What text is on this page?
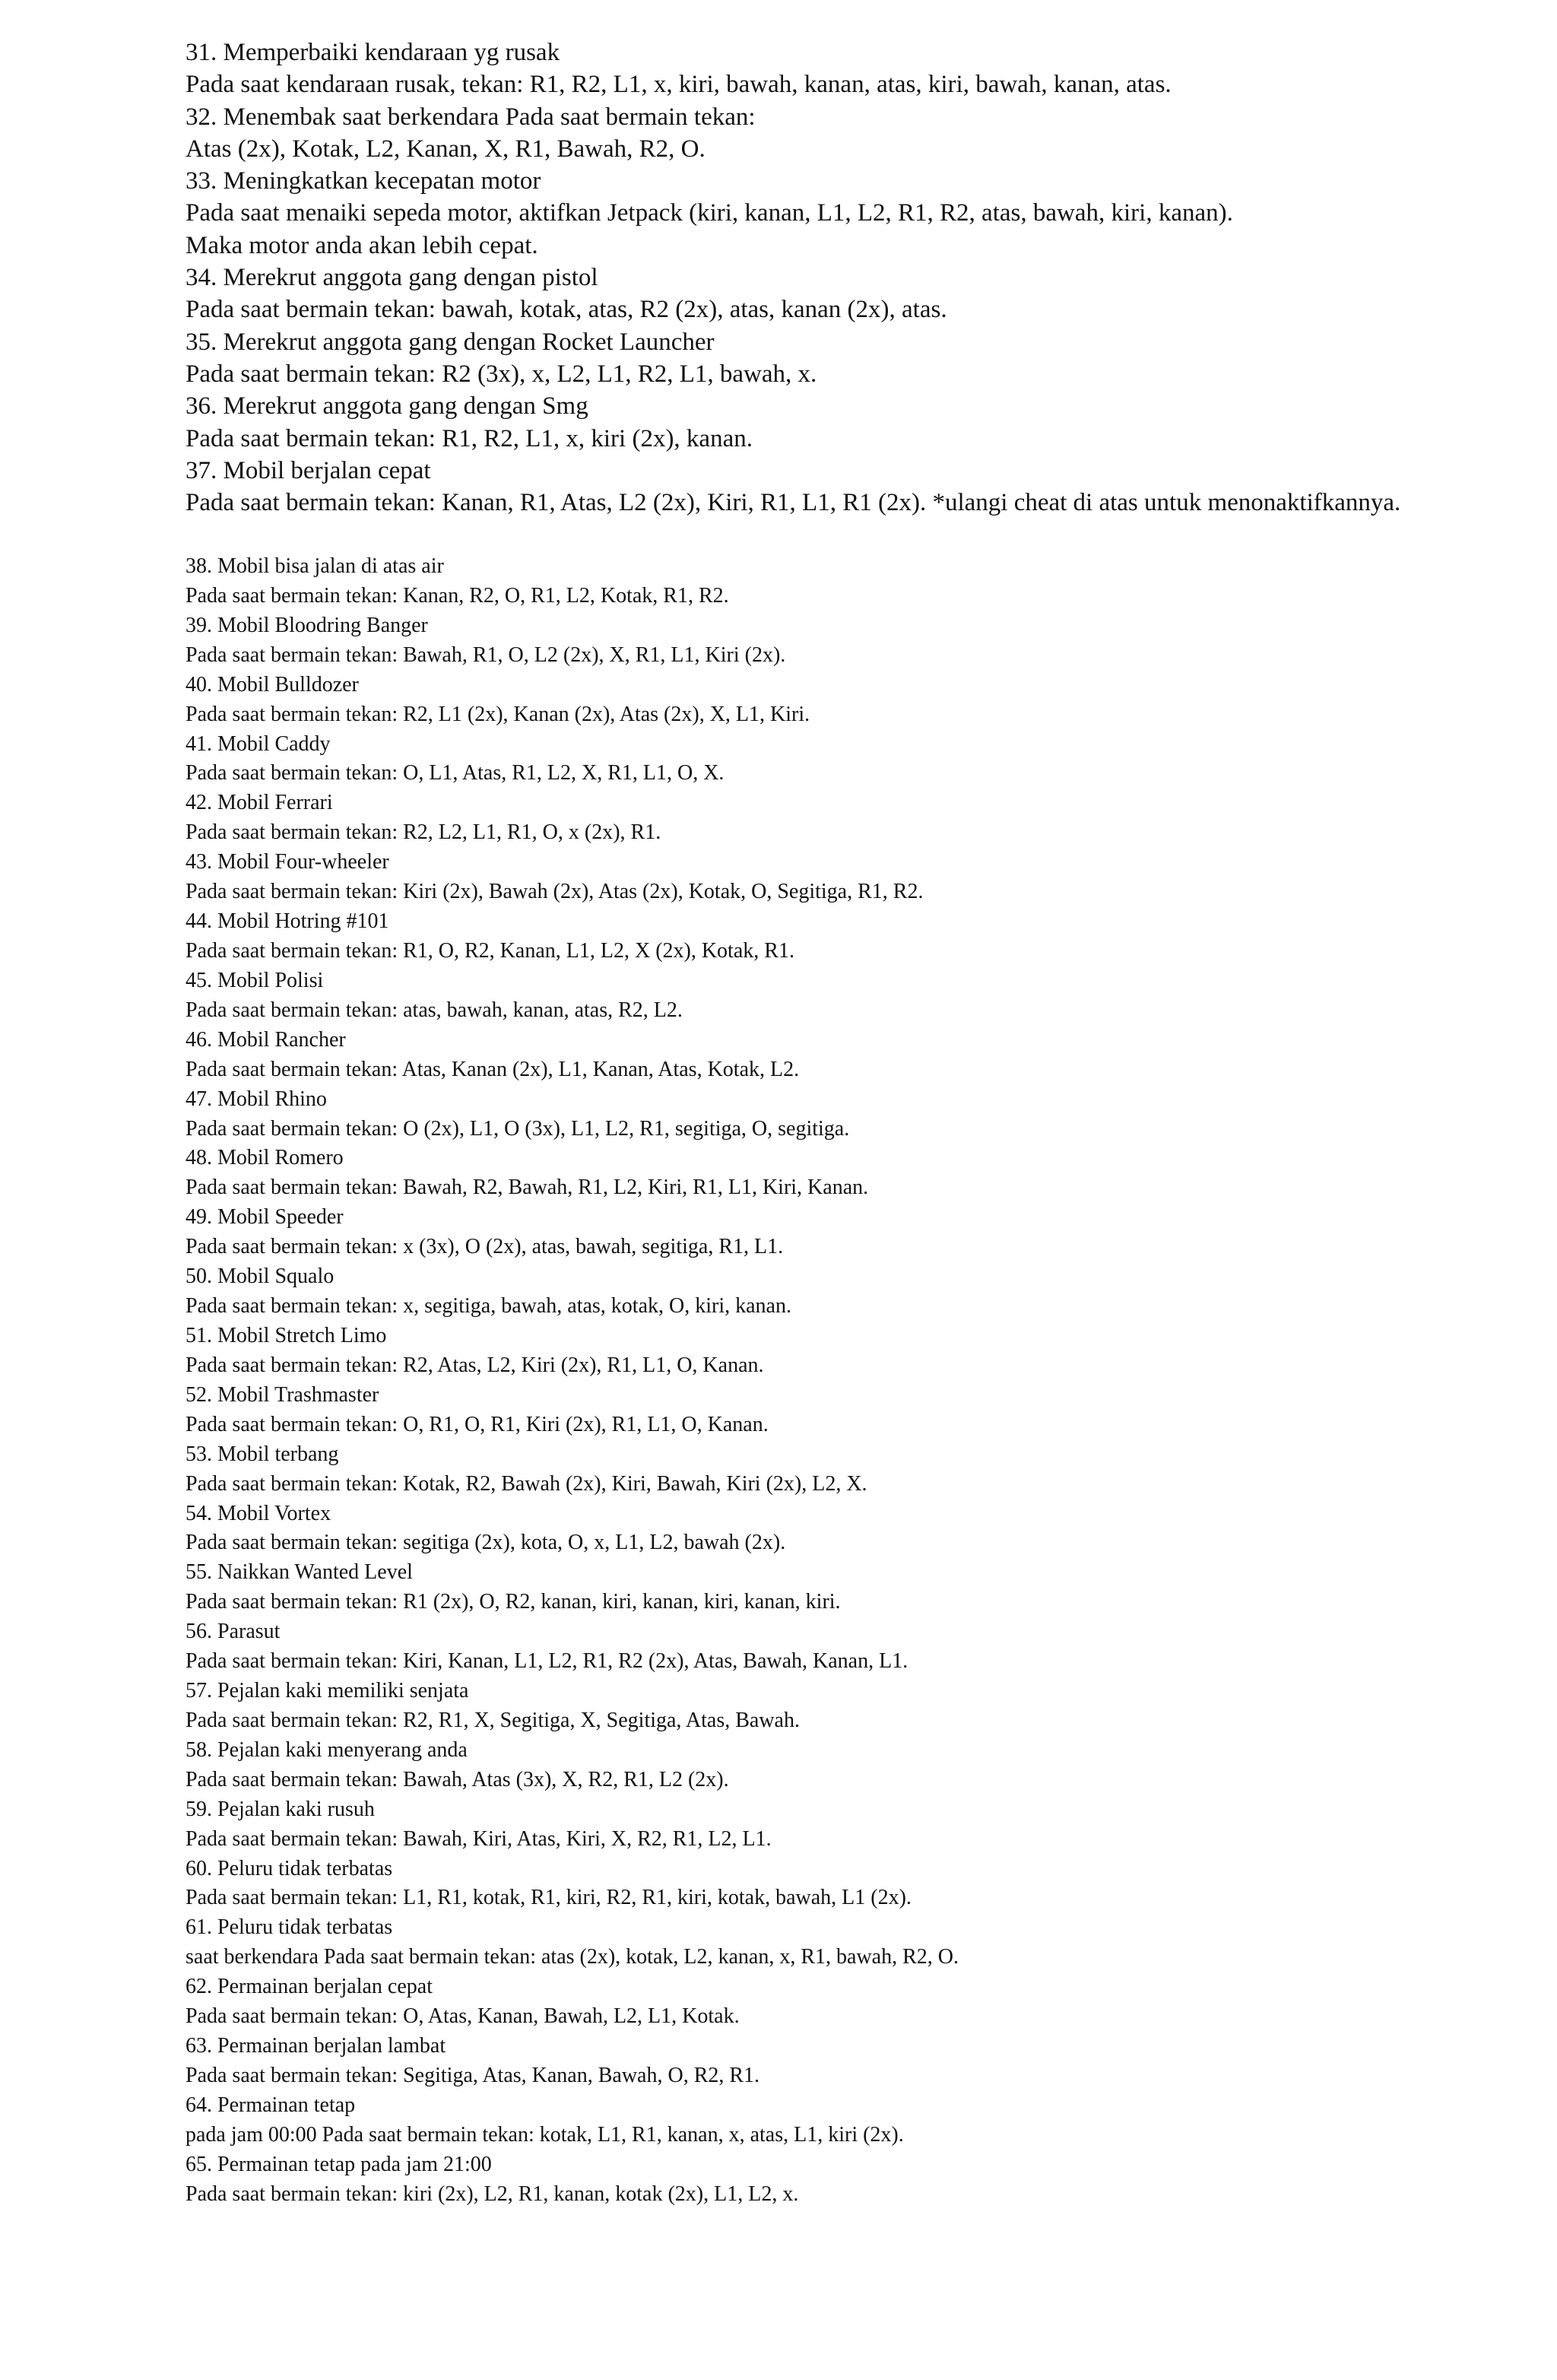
31. Memperbaiki kendaraan yg rusak
Pada saat kendaraan rusak, tekan: R1, R2, L1, x, kiri, bawah, kanan, atas, kiri, bawah, kanan, atas.
32. Menembak saat berkendara Pada saat bermain tekan:
Atas (2x), Kotak, L2, Kanan, X, R1, Bawah, R2, O.
33. Meningkatkan kecepatan motor
Pada saat menaiki sepeda motor, aktifkan Jetpack (kiri, kanan, L1, L2, R1, R2, atas, bawah, kiri, kanan).
Maka motor anda akan lebih cepat.
34. Merekrut anggota gang dengan pistol
Pada saat bermain tekan: bawah, kotak, atas, R2 (2x), atas, kanan (2x), atas.
35. Merekrut anggota gang dengan Rocket Launcher
Pada saat bermain tekan: R2 (3x), x, L2, L1, R2, L1, bawah, x.
36. Merekrut anggota gang dengan Smg
Pada saat bermain tekan: R1, R2, L1, x, kiri (2x), kanan.
37. Mobil berjalan cepat
Pada saat bermain tekan: Kanan, R1, Atas, L2 (2x), Kiri, R1, L1, R1 (2x). *ulangi cheat di atas untuk menonaktifkannya.
38. Mobil bisa jalan di atas air
Pada saat bermain tekan: Kanan, R2, O, R1, L2, Kotak, R1, R2.
39. Mobil Bloodring Banger
Pada saat bermain tekan: Bawah, R1, O, L2 (2x), X, R1, L1, Kiri (2x).
40. Mobil Bulldozer
Pada saat bermain tekan: R2, L1 (2x), Kanan (2x), Atas (2x), X, L1, Kiri.
41. Mobil Caddy
Pada saat bermain tekan: O, L1, Atas, R1, L2, X, R1, L1, O, X.
42. Mobil Ferrari
Pada saat bermain tekan: R2, L2, L1, R1, O, x (2x), R1.
43. Mobil Four-wheeler
Pada saat bermain tekan: Kiri (2x), Bawah (2x), Atas (2x), Kotak, O, Segitiga, R1, R2.
44. Mobil Hotring #101
Pada saat bermain tekan: R1, O, R2, Kanan, L1, L2, X (2x), Kotak, R1.
45. Mobil Polisi
Pada saat bermain tekan: atas, bawah, kanan, atas, R2, L2.
46. Mobil Rancher
Pada saat bermain tekan: Atas, Kanan (2x), L1, Kanan, Atas, Kotak, L2.
47. Mobil Rhino
Pada saat bermain tekan: O (2x), L1, O (3x), L1, L2, R1, segitiga, O, segitiga.
48. Mobil Romero
Pada saat bermain tekan: Bawah, R2, Bawah, R1, L2, Kiri, R1, L1, Kiri, Kanan.
49. Mobil Speeder
Pada saat bermain tekan: x (3x), O (2x), atas, bawah, segitiga, R1, L1.
50. Mobil Squalo
Pada saat bermain tekan: x, segitiga, bawah, atas, kotak, O, kiri, kanan.
51. Mobil Stretch Limo
Pada saat bermain tekan: R2, Atas, L2, Kiri (2x), R1, L1, O, Kanan.
52. Mobil Trashmaster
Pada saat bermain tekan: O, R1, O, R1, Kiri (2x), R1, L1, O, Kanan.
53. Mobil terbang
Pada saat bermain tekan: Kotak, R2, Bawah (2x), Kiri, Bawah, Kiri (2x), L2, X.
54. Mobil Vortex
Pada saat bermain tekan: segitiga (2x), kota, O, x, L1, L2, bawah (2x).
55. Naikkan Wanted Level
Pada saat bermain tekan: R1 (2x), O, R2, kanan, kiri, kanan, kiri, kanan, kiri.
56. Parasut
Pada saat bermain tekan: Kiri, Kanan, L1, L2, R1, R2 (2x), Atas, Bawah, Kanan, L1.
57. Pejalan kaki memiliki senjata
Pada saat bermain tekan: R2, R1, X, Segitiga, X, Segitiga, Atas, Bawah.
58. Pejalan kaki menyerang anda
Pada saat bermain tekan: Bawah, Atas (3x), X, R2, R1, L2 (2x).
59. Pejalan kaki rusuh
Pada saat bermain tekan: Bawah, Kiri, Atas, Kiri, X, R2, R1, L2, L1.
60. Peluru tidak terbatas
Pada saat bermain tekan: L1, R1, kotak, R1, kiri, R2, R1, kiri, kotak, bawah, L1 (2x).
61. Peluru tidak terbatas
saat berkendara Pada saat bermain tekan: atas (2x), kotak, L2, kanan, x, R1, bawah, R2, O.
62. Permainan berjalan cepat
Pada saat bermain tekan: O, Atas, Kanan, Bawah, L2, L1, Kotak.
63. Permainan berjalan lambat
Pada saat bermain tekan: Segitiga, Atas, Kanan, Bawah, O, R2, R1.
64. Permainan tetap
pada jam 00:00 Pada saat bermain tekan: kotak, L1, R1, kanan, x, atas, L1, kiri (2x).
65. Permainan tetap pada jam 21:00
Pada saat bermain tekan: kiri (2x), L2, R1, kanan, kotak (2x), L1, L2, x.
